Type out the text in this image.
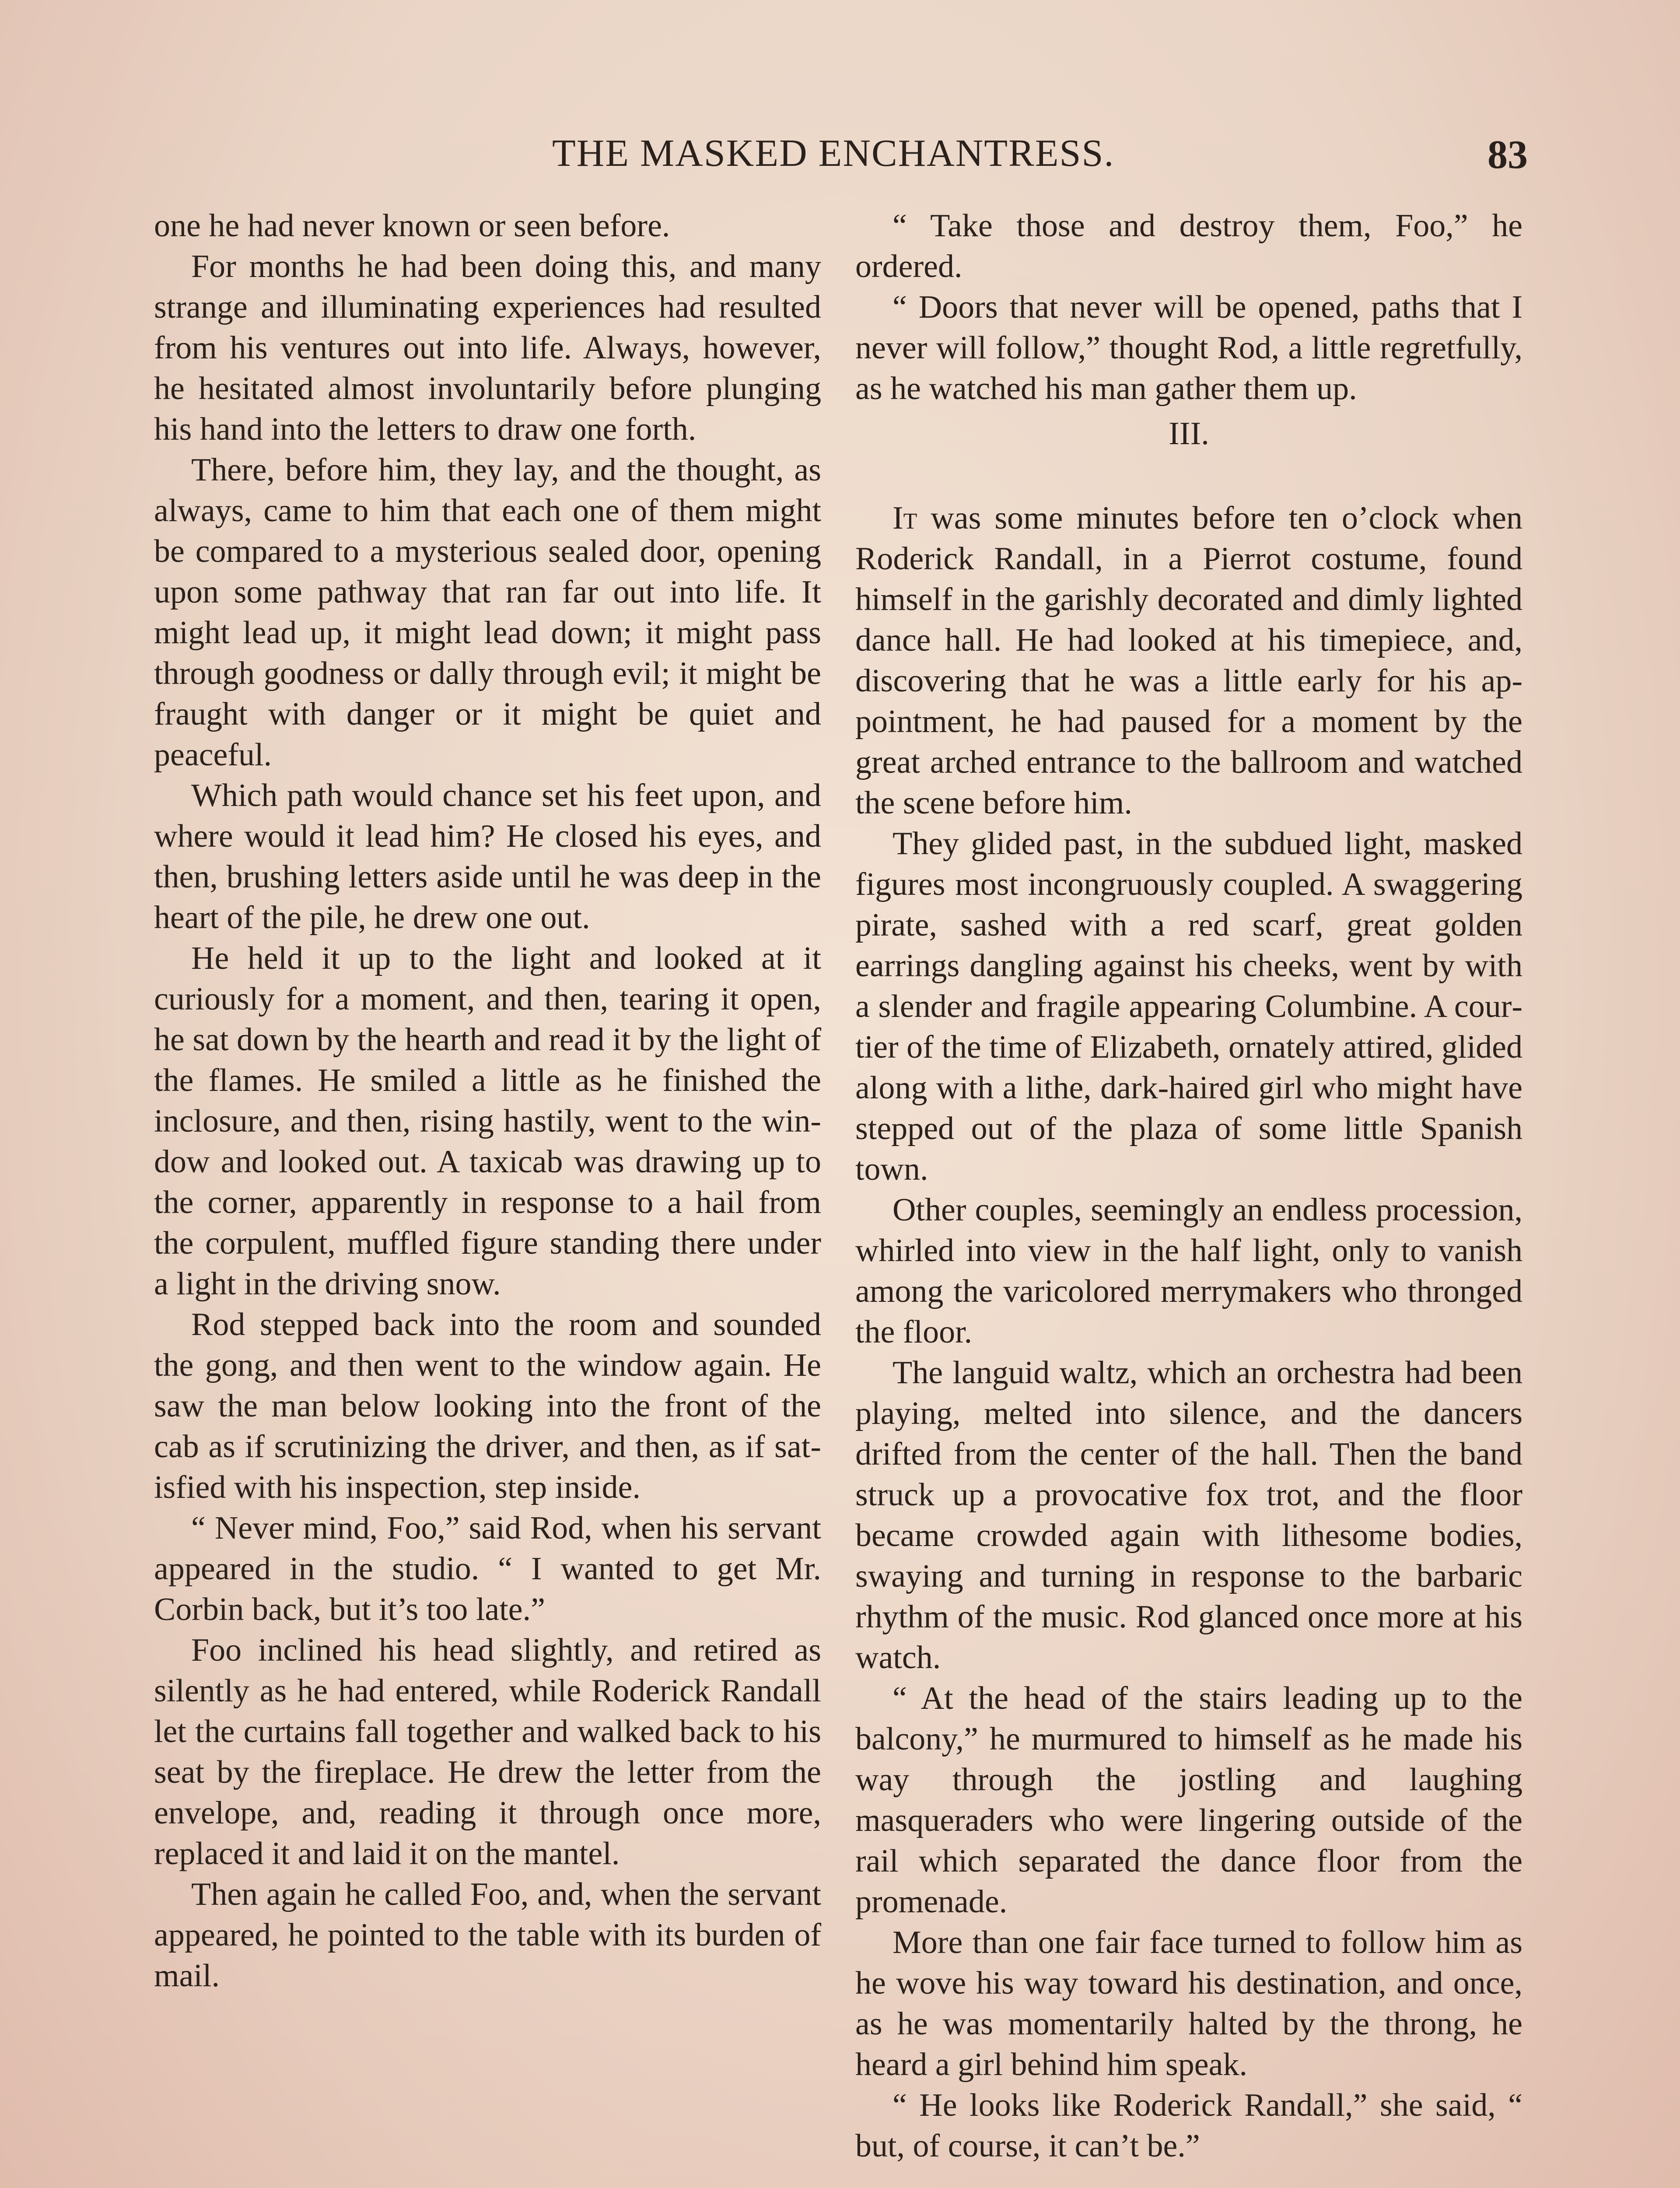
THE MASKED ENCHANTRESS.	83

one he had never known or seen before.

For months he had been doing this, and many strange and illuminating experiences had resulted from his ventures out into life. Always, however, he hesitated almost involuntarily before plunging his hand into the letters to draw one forth.

There, before him, they lay, and the thought, as always, came to him that each one of them might be compared to a mysterious sealed door, opening upon some pathway that ran far out into life. It might lead up, it might lead down; it might pass through goodness or dally through evil; it might be fraught with danger or it might be quiet and peaceful.

Which path would chance set his feet upon, and where would it lead him? He closed his eyes, and then, brushing letters aside until he was deep in the heart of the pile, he drew one out.

He held it up to the light and looked at it curiously for a moment, and then, tearing it open, he sat down by the hearth and read it by the light of the flames. He smiled a little as he finished the inclosure, and then, rising hastily, went to the window and looked out. A taxicab was drawing up to the corner, apparently in response to a hail from the corpulent, muffled figure standing there under a light in the driving snow.

Rod stepped back into the room and sounded the gong, and then went to the window again. He saw the man below looking into the front of the cab as if scrutinizing the driver, and then, as if satisfied with his inspection, step inside.

“ Never mind, Foo,” said Rod, when his servant appeared in the studio. “ I wanted to get Mr. Corbin back, but it’s too late.”

Foo inclined his head slightly, and retired as silently as he had entered, while Roderick Randall let the curtains fall together and walked back to his seat by the fireplace. He drew the letter from the envelope, and, reading it through once more, replaced it and laid it on the mantel.

Then again he called Foo, and, when the servant appeared, he pointed to the table with its burden of mail.

“ Take those and destroy them, Foo,” he ordered.

“ Doors that never will be opened, paths that I never will follow,” thought Rod, a little regretfully, as he watched his man gather them up.

III.

It was some minutes before ten o’clock when Roderick Randall, in a Pierrot costume, found himself in the garishly decorated and dimly lighted dance hall. He had looked at his timepiece, and, discovering that he was a little early for his appointment, he had paused for a moment by the great arched entrance to the ballroom and watched the scene before him.

They glided past, in the subdued light, masked figures most incongruously coupled. A swaggering pirate, sashed with a red scarf, great golden earrings dangling against his cheeks, went by with a slender and fragile appearing Columbine. A courtier of the time of Elizabeth, ornately attired, glided along with a lithe, dark-haired girl who might have stepped out of the plaza of some little Spanish town.

Other couples, seemingly an endless procession, whirled into view in the half light, only to vanish among the varicolored merrymakers who thronged the floor.

The languid waltz, which an orchestra had been playing, melted into silence, and the dancers drifted from the center of the hall. Then the band struck up a provocative fox trot, and the floor became crowded again with lithesome bodies, swaying and turning in response to the barbaric rhythm of the music. Rod glanced once more at his watch.

“ At the head of the stairs leading up to the balcony,” he murmured to himself as he made his way through the jostling and laughing masqueraders who were lingering outside of the rail which separated the dance floor from the promenade.

More than one fair face turned to follow him as he wove his way toward his destination, and once, as he was momentarily halted by the throng, he heard a girl behind him speak.

“ He looks like Roderick Randall,” she said, “ but, of course, it can’t be.”
